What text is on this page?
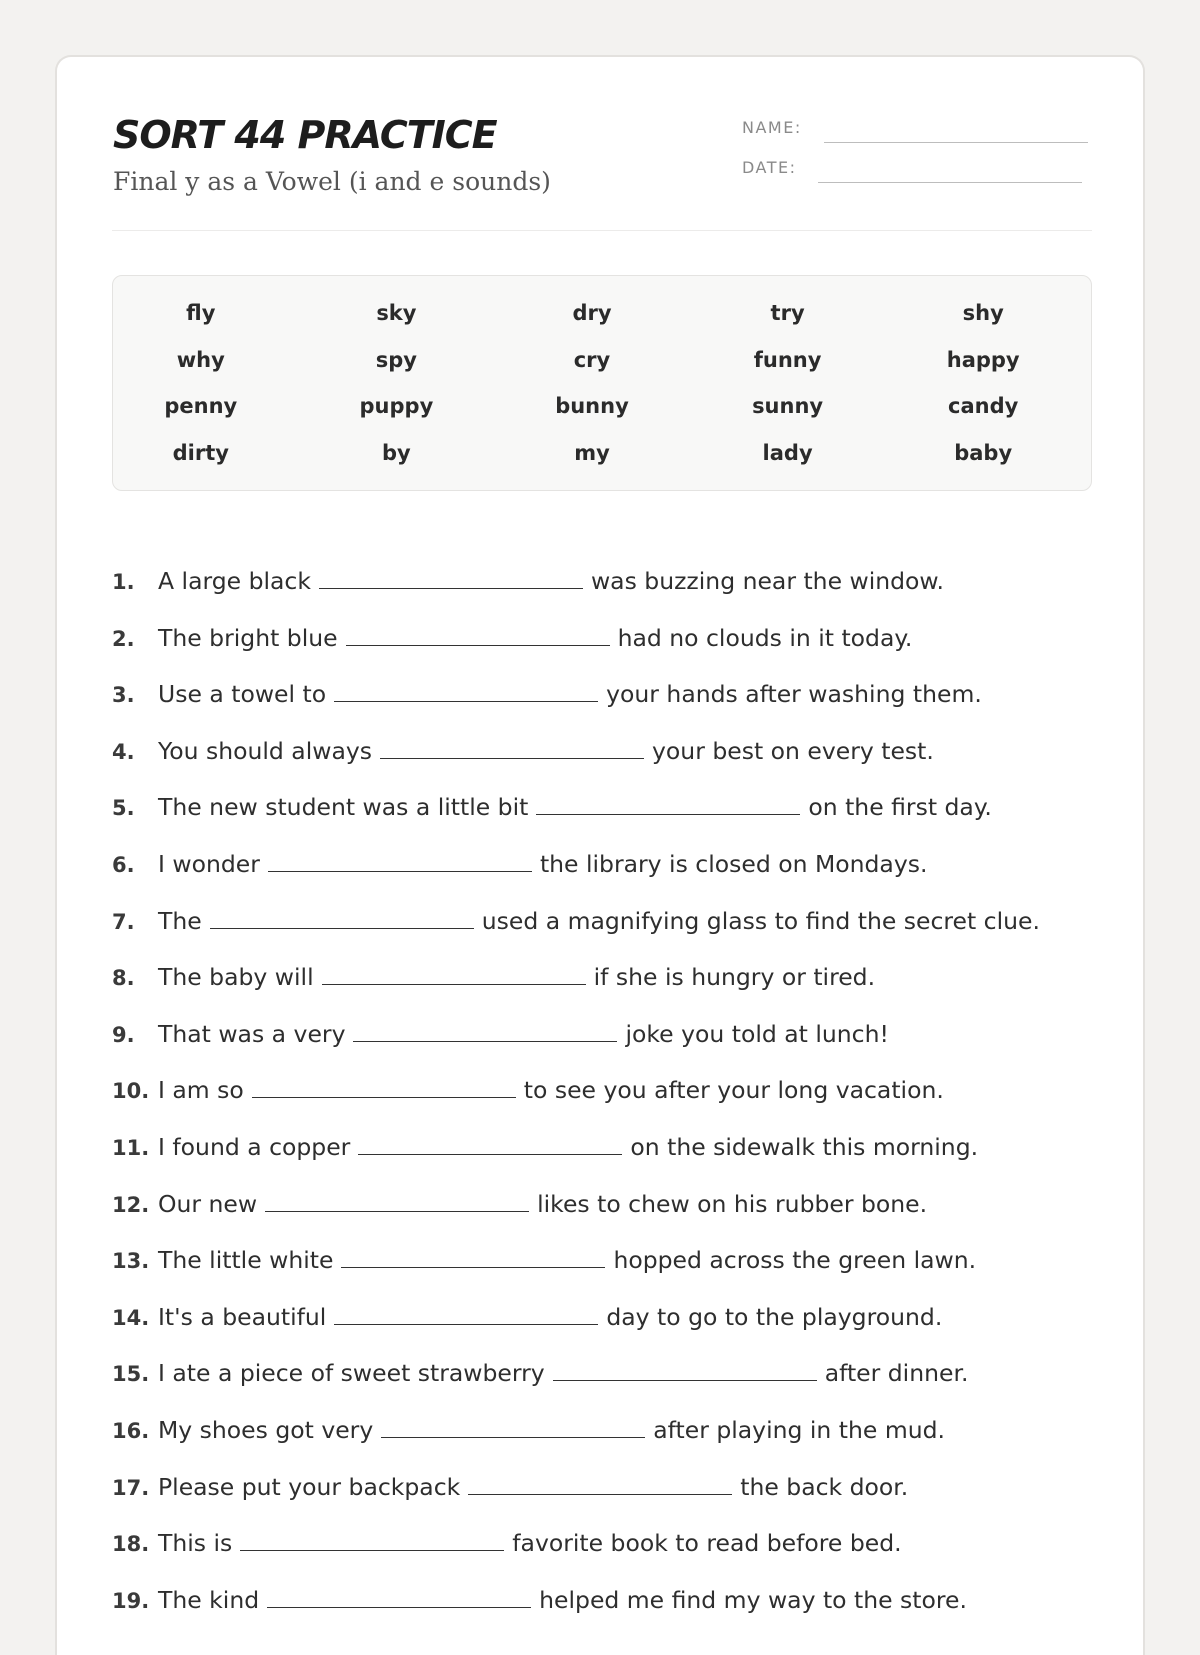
SORT 44 PRACTICE
Final y as a Vowel (i and e sounds)
NAME:
DATE:
fly	sky	dry	try	shy
why	spy	cry	funny	happy
penny	puppy	bunny	sunny	candy
dirty	by	my	lady	baby
1. A large black	was buzzing near the window.
2. The bright blue	had no clouds in it today.
3. Use a towel to	your hands after washing them.
4. You should always	your best on every test.
5. The new student was a little bit	on the first day.
6. I wonder	the library is closed on Mondays.
7. The	used a magnifying glass to find the secret clue.
8. The baby will	if she is hungry or tired.
9. That was a very	joke you told at lunch!
10. I am so	to see you after your long vacation.
11. I found a copper	on the sidewalk this morning.
12. Our new	likes to chew on his rubber bone.
13. The little white	hopped across the green lawn.
14. It's a beautiful	day to go to the playground.
15. I ate a piece of sweet strawberry	after dinner.
16. My shoes got very	after playing in the mud.
17. Please put your backpack	the back door.
18. This is	favorite book to read before bed.
19. The kind	helped me find my way to the store.
